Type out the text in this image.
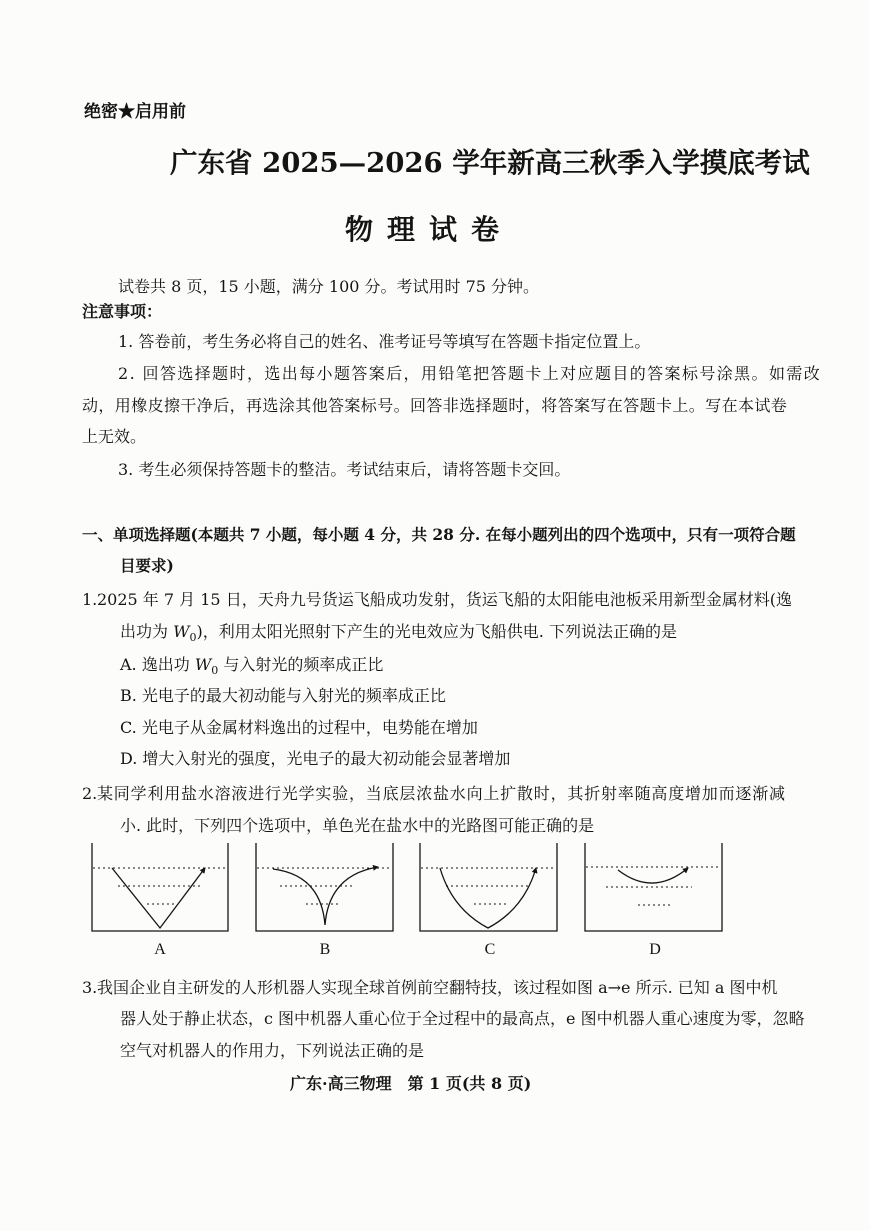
绝密★启用前
广东省 2025—2026 学年新高三秋季入学摸底考试
物理试卷
试卷共 8 页，15 小题，满分 100 分。考试用时 75 分钟。
注意事项：
1. 答卷前，考生务必将自己的姓名、准考证号等填写在答题卡指定位置上。
2. 回答选择题时，选出每小题答案后，用铅笔把答题卡上对应题目的答案标号涂黑。如需改
动，用橡皮擦干净后，再选涂其他答案标号。回答非选择题时，将答案写在答题卡上。写在本试卷
上无效。
3. 考生必须保持答题卡的整洁。考试结束后，请将答题卡交回。
一、单项选择题(本题共 7 小题，每小题 4 分，共 28 分. 在每小题列出的四个选项中，只有一项符合题
目要求)
1. 2025 年 7 月 15 日，天舟九号货运飞船成功发射，货运飞船的太阳能电池板采用新型金属材料(逸
出功为 $W_0$)，利用太阳光照射下产生的光电效应为飞船供电. 下列说法正确的是
A. 逸出功 $W_0$ 与入射光的频率成正比
B. 光电子的最大初动能与入射光的频率成正比
C. 光电子从金属材料逸出的过程中，电势能在增加
D. 增大入射光的强度，光电子的最大初动能会显著增加
2. 某同学利用盐水溶液进行光学实验，当底层浓盐水向上扩散时，其折射率随高度增加而逐渐减
小. 此时，下列四个选项中，单色光在盐水中的光路图可能正确的是
A	B	C	D
3. 我国企业自主研发的人形机器人实现全球首例前空翻特技，该过程如图 a→e 所示. 已知 a 图中机
器人处于静止状态，c 图中机器人重心位于全过程中的最高点，e 图中机器人重心速度为零，忽略
空气对机器人的作用力，下列说法正确的是
广东·高三物理　第 1 页(共 8 页)
